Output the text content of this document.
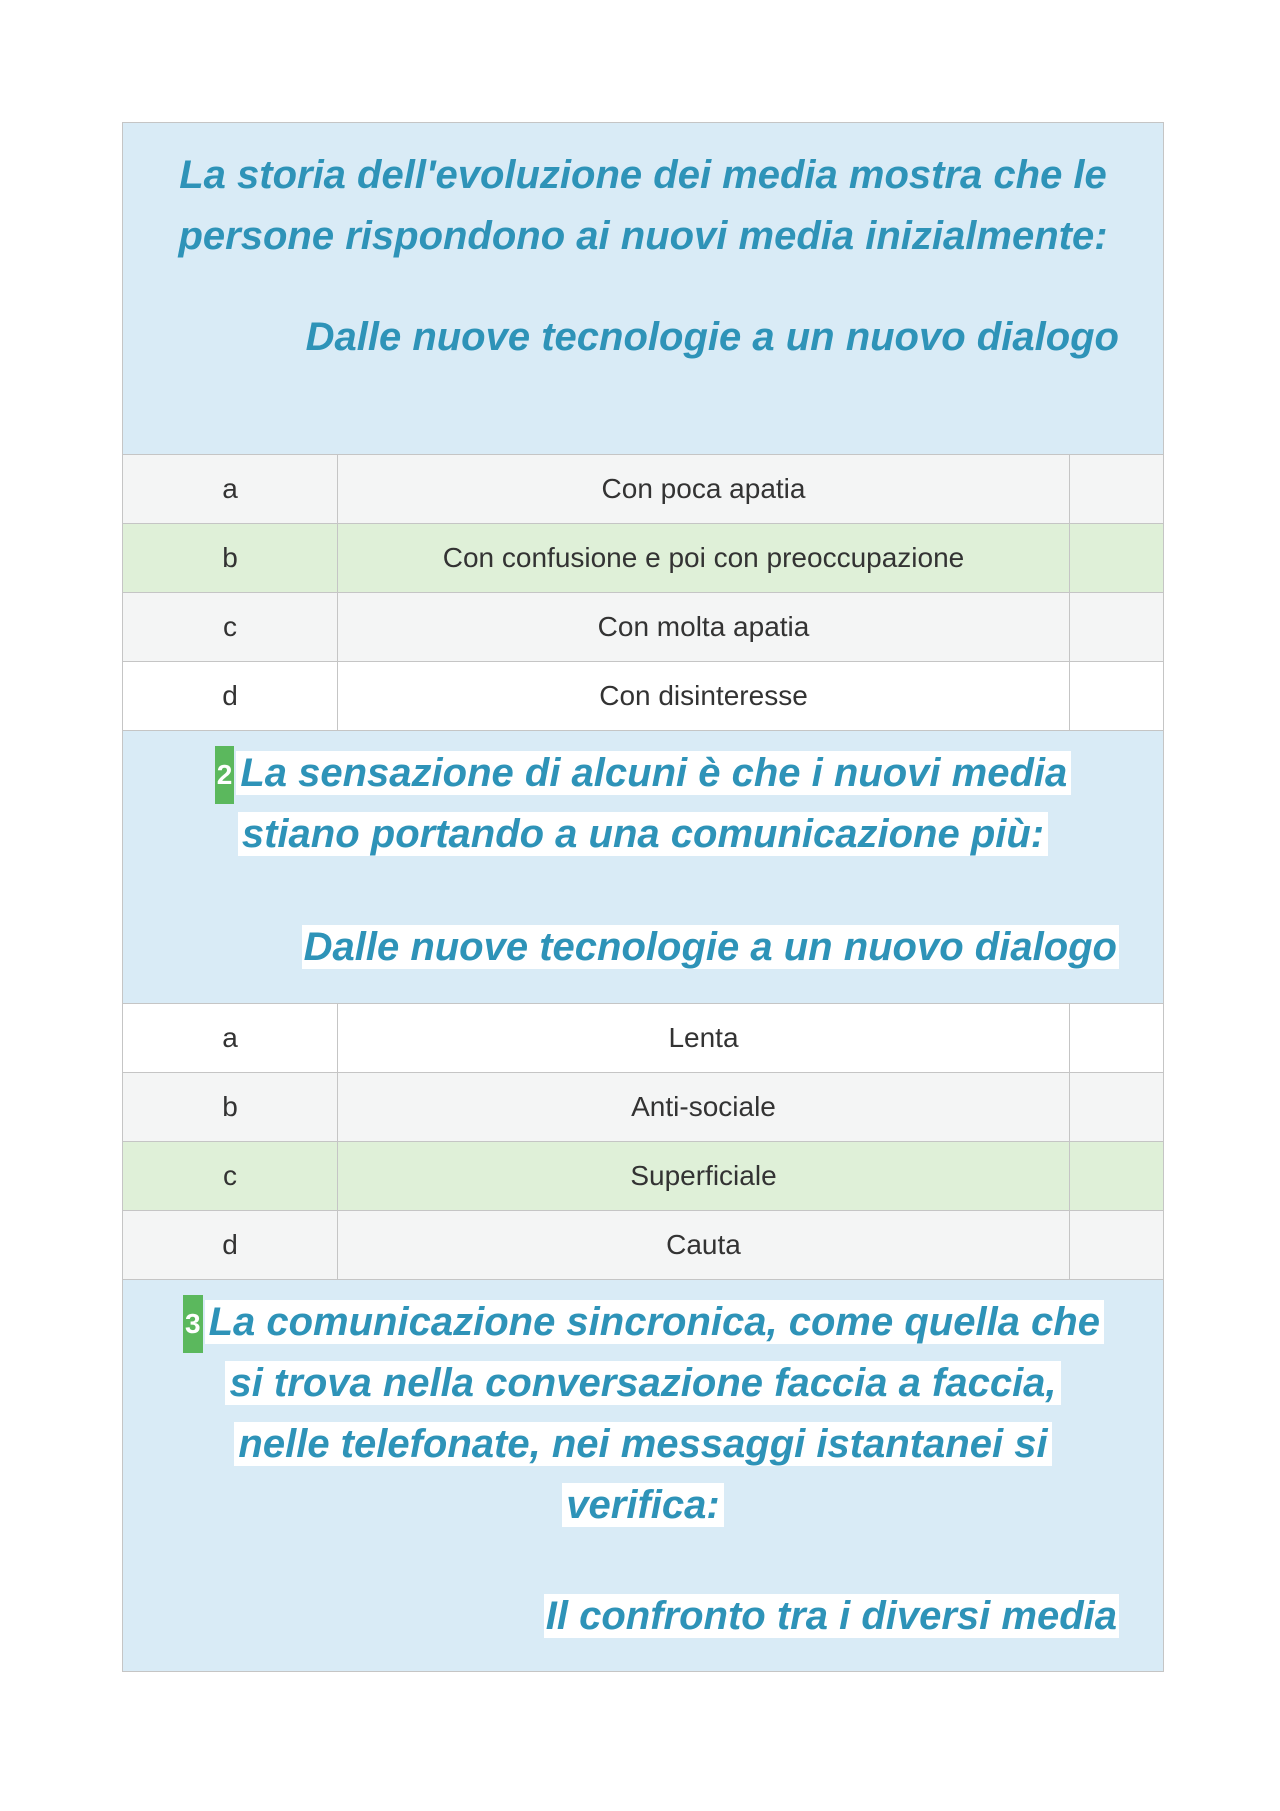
La storia dell'evoluzione dei media mostra che le persone rispondono ai nuovi media inizialmente:
Dalle nuove tecnologie a un nuovo dialogo
a	Con poca apatia
b	Con confusione e poi con preoccupazione
c	Con molta apatia
d	Con disinteresse
2 La sensazione di alcuni è che i nuovi media stiano portando a una comunicazione più:
Dalle nuove tecnologie a un nuovo dialogo
a	Lenta
b	Anti-sociale
c	Superficiale
d	Cauta
3 La comunicazione sincronica, come quella che si trova nella conversazione faccia a faccia, nelle telefonate, nei messaggi istantanei si verifica:
Il confronto tra i diversi media
